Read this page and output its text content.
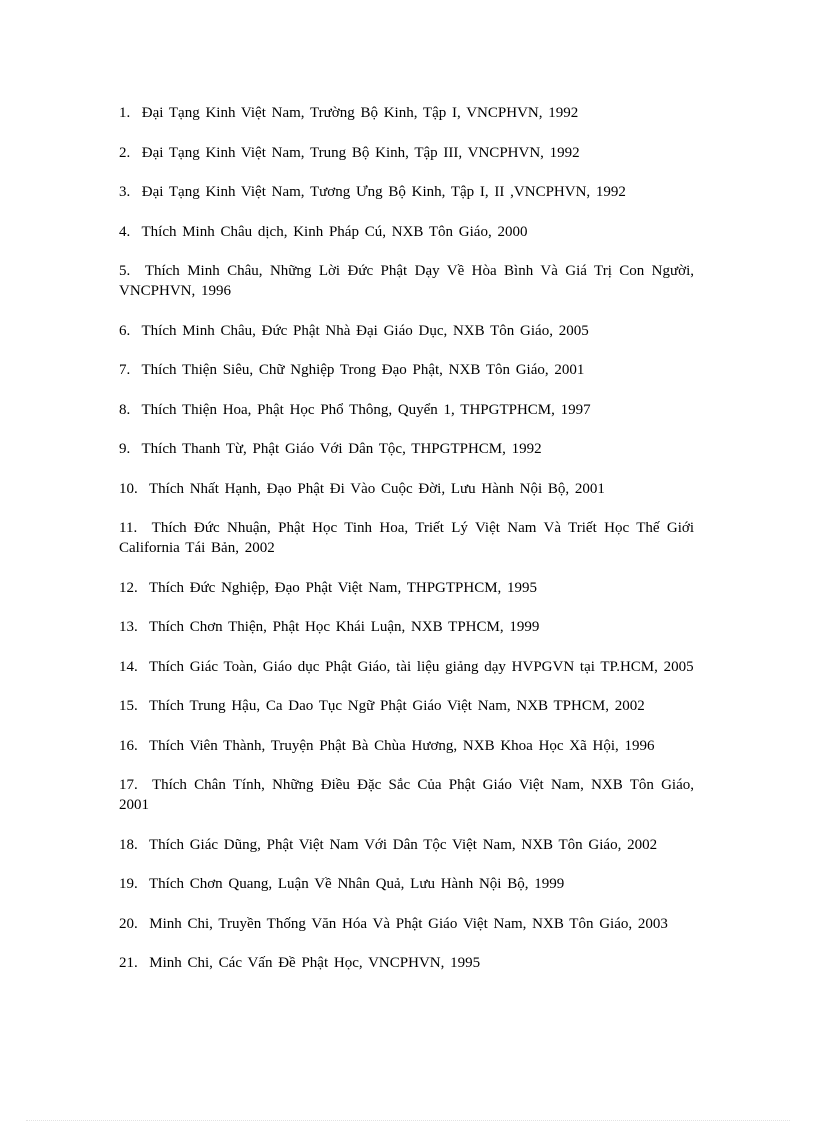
1. Đại Tạng Kinh Việt Nam, Trường Bộ Kinh, Tập I, VNCPHVN, 1992
2. Đại Tạng Kinh Việt Nam, Trung Bộ Kinh, Tập III, VNCPHVN, 1992
3. Đại Tạng Kinh Việt Nam, Tương Ưng Bộ Kinh, Tập I, II ,VNCPHVN, 1992
4. Thích Minh Châu dịch, Kinh Pháp Cú, NXB Tôn Giáo, 2000
5. Thích Minh Châu, Những Lời Đức Phật Dạy Về Hòa Bình Và Giá Trị Con Người, VNCPHVN, 1996
6. Thích Minh Châu, Đức Phật Nhà Đại Giáo Dục, NXB Tôn Giáo, 2005
7. Thích Thiện Siêu, Chữ Nghiệp Trong Đạo Phật, NXB Tôn Giáo, 2001
8. Thích Thiện Hoa, Phật Học Phổ Thông, Quyển 1, THPGTPHCM, 1997
9. Thích Thanh Từ, Phật Giáo Với Dân Tộc, THPGTPHCM, 1992
10. Thích Nhất Hạnh, Đạo Phật Đi Vào Cuộc Đời, Lưu Hành Nội Bộ, 2001
11. Thích Đức Nhuận, Phật Học Tinh Hoa, Triết Lý Việt Nam Và Triết Học Thế Giới California Tái Bản, 2002
12. Thích Đức Nghiệp, Đạo Phật Việt Nam, THPGTPHCM, 1995
13. Thích Chơn Thiện, Phật Học Khái Luận, NXB TPHCM, 1999
14. Thích Giác Toàn, Giáo dục Phật Giáo, tài liệu giảng dạy HVPGVN tại TP.HCM, 2005
15. Thích Trung Hậu, Ca Dao Tục Ngữ Phật Giáo Việt Nam, NXB TPHCM, 2002
16. Thích Viên Thành, Truyện Phật Bà Chùa Hương, NXB Khoa Học Xã Hội, 1996
17. Thích Chân Tính, Những Điều Đặc Sắc Của Phật Giáo Việt Nam, NXB Tôn Giáo, 2001
18. Thích Giác Dũng, Phật Việt Nam Với Dân Tộc Việt Nam, NXB Tôn Giáo, 2002
19. Thích Chơn Quang, Luận Về Nhân Quả, Lưu Hành Nội Bộ, 1999
20. Minh Chi, Truyền Thống Văn Hóa Và Phật Giáo Việt Nam, NXB Tôn Giáo, 2003
21. Minh Chi, Các Vấn Đề Phật Học, VNCPHVN, 1995
